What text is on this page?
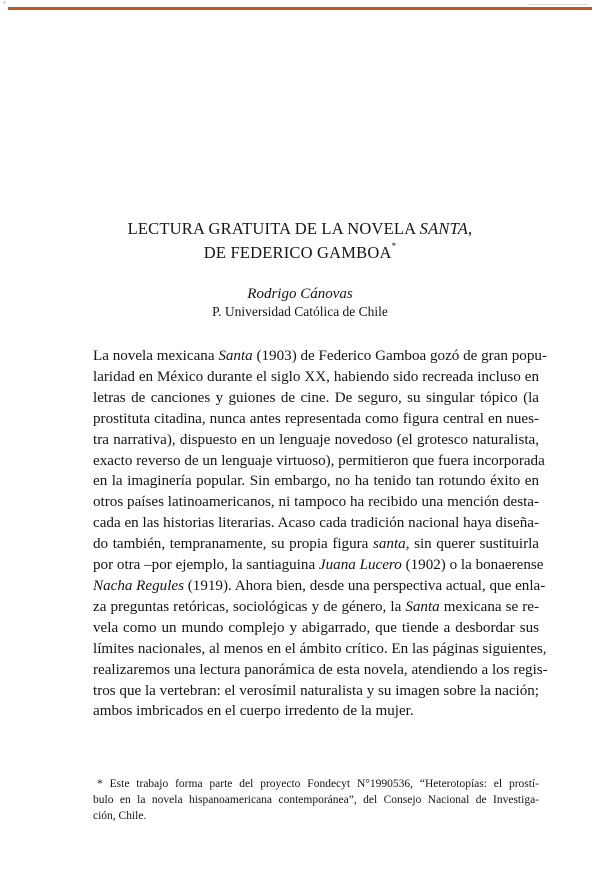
ͳ
LECTURA GRATUITA DE LA NOVELA SANTA,
DE FEDERICO GAMBOA*
Rodrigo Cánovas
P. Universidad Católica de Chile
La novela mexicana Santa (1903) de Federico Gamboa gozó de gran popu-
laridad en México durante el siglo XX, habiendo sido recreada incluso en
letras de canciones y guiones de cine. De seguro, su singular tópico (la
prostituta citadina, nunca antes representada como figura central en nues-
tra narrativa), dispuesto en un lenguaje novedoso (el grotesco naturalista,
exacto reverso de un lenguaje virtuoso), permitieron que fuera incorporada
en la imaginería popular. Sin embargo, no ha tenido tan rotundo éxito en
otros países latinoamericanos, ni tampoco ha recibido una mención desta-
cada en las historias literarias. Acaso cada tradición nacional haya diseña-
do también, tempranamente, su propia figura santa, sin querer sustituirla
por otra –por ejemplo, la santiaguina Juana Lucero (1902) o la bonaerense
Nacha Regules (1919). Ahora bien, desde una perspectiva actual, que enla-
za preguntas retóricas, sociológicas y de género, la Santa mexicana se re-
vela como un mundo complejo y abigarrado, que tiende a desbordar sus
límites nacionales, al menos en el ámbito crítico. En las páginas siguientes,
realizaremos una lectura panorámica de esta novela, atendiendo a los regis-
tros que la vertebran: el verosímil naturalista y su imagen sobre la nación;
ambos imbricados en el cuerpo irredento de la mujer.
* Este trabajo forma parte del proyecto Fondecyt N°1990536, “Heterotopías: el prostí-
bulo en la novela hispanoamericana contemporánea”, del Consejo Nacional de Investiga-
ción, Chile.
